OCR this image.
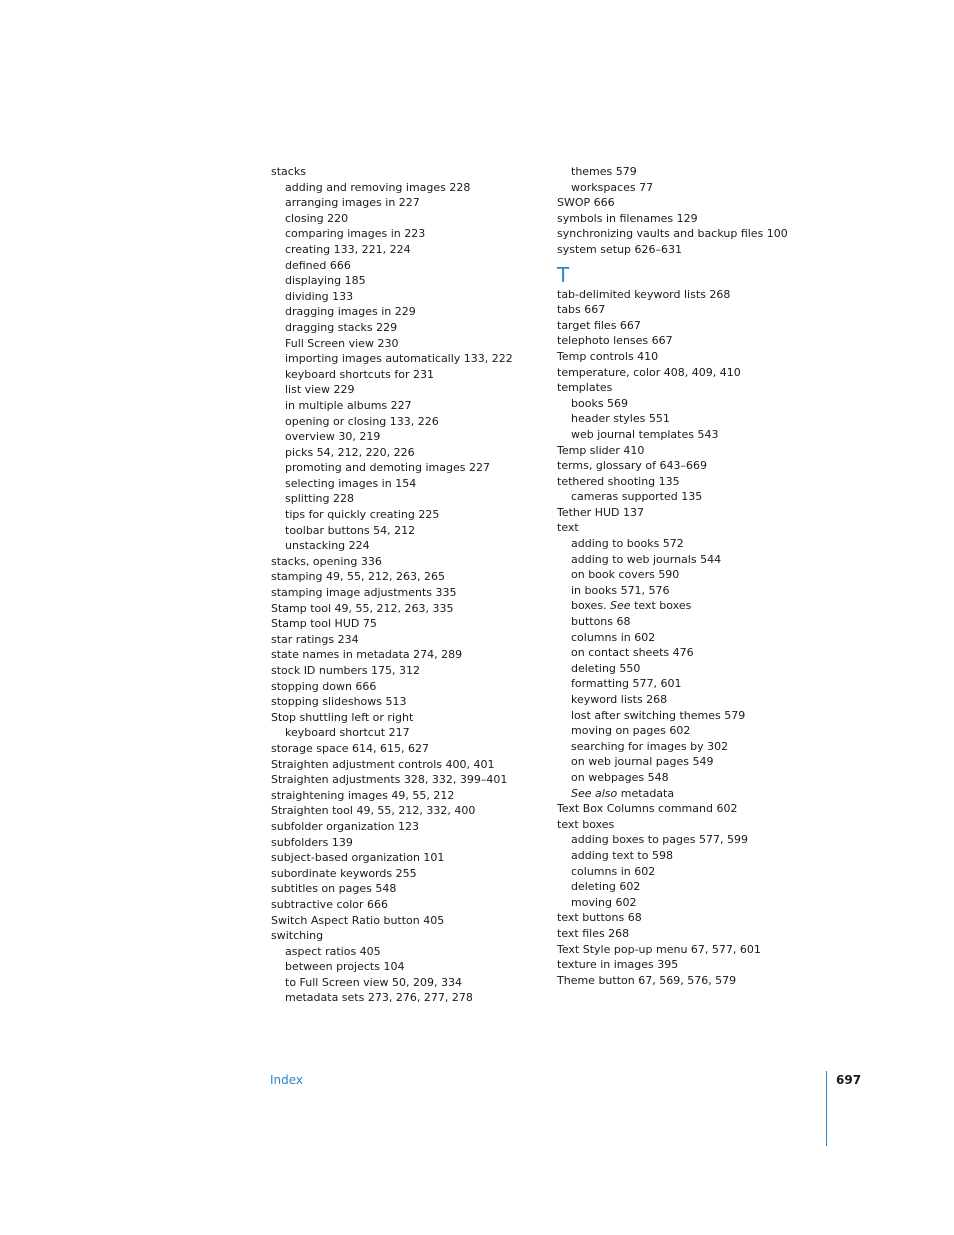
stacks
adding and removing images 228
arranging images in 227
closing 220
comparing images in 223
creating 133, 221, 224
defined 666
displaying 185
dividing 133
dragging images in 229
dragging stacks 229
Full Screen view 230
importing images automatically 133, 222
keyboard shortcuts for 231
list view 229
in multiple albums 227
opening or closing 133, 226
overview 30, 219
picks 54, 212, 220, 226
promoting and demoting images 227
selecting images in 154
splitting 228
tips for quickly creating 225
toolbar buttons 54, 212
unstacking 224
stacks, opening 336
stamping 49, 55, 212, 263, 265
stamping image adjustments 335
Stamp tool 49, 55, 212, 263, 335
Stamp tool HUD 75
star ratings 234
state names in metadata 274, 289
stock ID numbers 175, 312
stopping down 666
stopping slideshows 513
Stop shuttling left or right
keyboard shortcut 217
storage space 614, 615, 627
Straighten adjustment controls 400, 401
Straighten adjustments 328, 332, 399–401
straightening images 49, 55, 212
Straighten tool 49, 55, 212, 332, 400
subfolder organization 123
subfolders 139
subject-based organization 101
subordinate keywords 255
subtitles on pages 548
subtractive color 666
Switch Aspect Ratio button 405
switching
aspect ratios 405
between projects 104
to Full Screen view 50, 209, 334
metadata sets 273, 276, 277, 278
themes 579
workspaces 77
SWOP 666
symbols in filenames 129
synchronizing vaults and backup files 100
system setup 626–631
T
tab-delimited keyword lists 268
tabs 667
target files 667
telephoto lenses 667
Temp controls 410
temperature, color 408, 409, 410
templates
books 569
header styles 551
web journal templates 543
Temp slider 410
terms, glossary of 643–669
tethered shooting 135
cameras supported 135
Tether HUD 137
text
adding to books 572
adding to web journals 544
on book covers 590
in books 571, 576
boxes. See text boxes
buttons 68
columns in 602
on contact sheets 476
deleting 550
formatting 577, 601
keyword lists 268
lost after switching themes 579
moving on pages 602
searching for images by 302
on web journal pages 549
on webpages 548
See also metadata
Text Box Columns command 602
text boxes
adding boxes to pages 577, 599
adding text to 598
columns in 602
deleting 602
moving 602
text buttons 68
text files 268
Text Style pop-up menu 67, 577, 601
texture in images 395
Theme button 67, 569, 576, 579
Index	697
